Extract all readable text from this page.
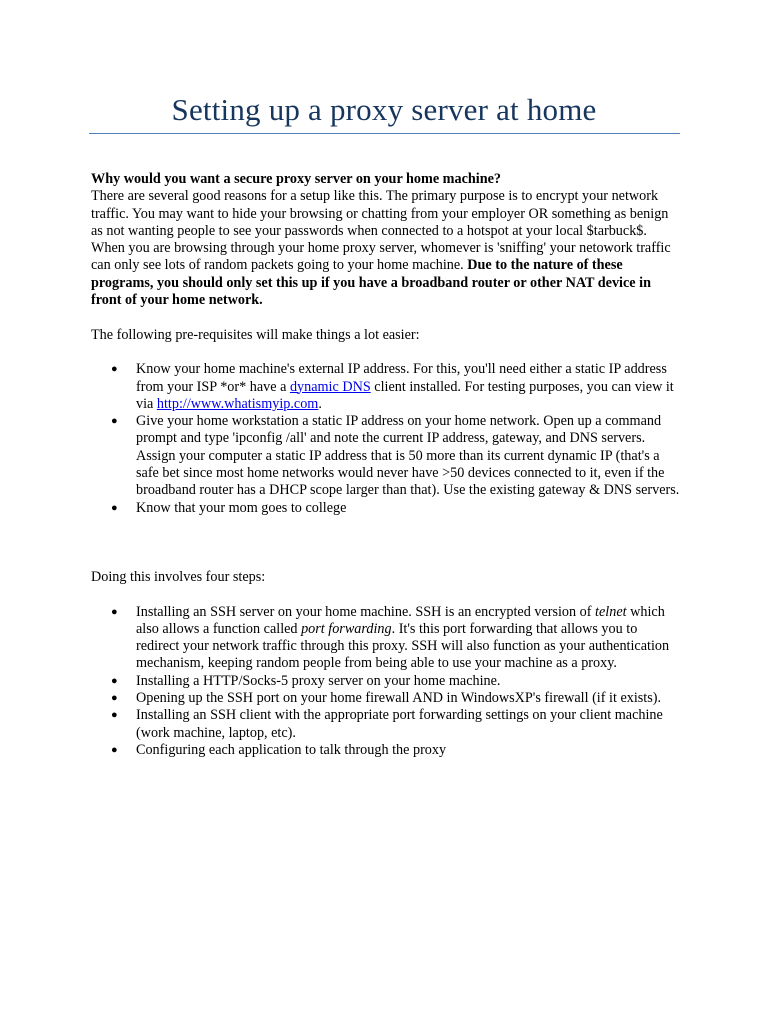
Setting up a proxy server at home

Why would you want a secure proxy server on your home machine?

There are several good reasons for a setup like this. The primary purpose is to encrypt your network traffic. You may want to hide your browsing or chatting from your employer OR something as benign as not wanting people to see your passwords when connected to a hotspot at your local $tarbuck$. When you are browsing through your home proxy server, whomever is 'sniffing' your netowork traffic can only see lots of random packets going to your home machine. Due to the nature of these programs, you should only set this up if you have a broadband router or other NAT device in front of your home network.

The following pre-requisites will make things a lot easier:

● Know your home machine's external IP address. For this, you'll need either a static IP address from your ISP *or* have a dynamic DNS client installed. For testing purposes, you can view it via http://www.whatismyip.com.
● Give your home workstation a static IP address on your home network. Open up a command prompt and type 'ipconfig /all' and note the current IP address, gateway, and DNS servers. Assign your computer a static IP address that is 50 more than its current dynamic IP (that's a safe bet since most home networks would never have >50 devices connected to it, even if the broadband router has a DHCP scope larger than that). Use the existing gateway & DNS servers.
● Know that your mom goes to college

Doing this involves four steps:

● Installing an SSH server on your home machine. SSH is an encrypted version of telnet which also allows a function called port forwarding. It's this port forwarding that allows you to redirect your network traffic through this proxy. SSH will also function as your authentication mechanism, keeping random people from being able to use your machine as a proxy.
● Installing a HTTP/Socks-5 proxy server on your home machine.
● Opening up the SSH port on your home firewall AND in WindowsXP's firewall (if it exists).
● Installing an SSH client with the appropriate port forwarding settings on your client machine (work machine, laptop, etc).
● Configuring each application to talk through the proxy
